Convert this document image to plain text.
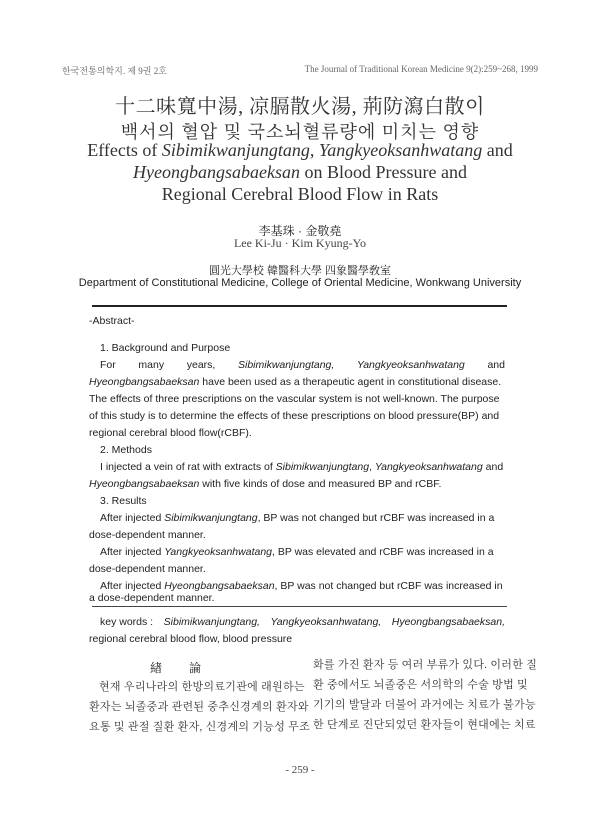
한국전통의학지. 제 9권 2호	The Journal of Traditional Korean Medicine 9(2):259~268, 1999
十二味寬中湯, 凉膈散火湯, 荊防瀉白散이
백서의 혈압 및 국소뇌혈류량에 미치는 영향
Effects of Sibimikwanjungtang, Yangkyeoksanhwatang and
Hyeongbangsabaeksan on Blood Pressure and
Regional Cerebral Blood Flow in Rats
李基珠 · 金敬堯
Lee Ki-Ju · Kim Kyung-Yo
圓光大學校 韓醫科大學 四象醫學敎室
Department of Constitutional Medicine, College of Oriental Medicine, Wonkwang University
-Abstract-
1. Background and Purpose
For many years, Sibimikwanjungtang, Yangkyeoksanhwatang and
Hyeongbangsabaeksan have been used as a therapeutic agent in constitutional disease.
The effects of three prescriptions on the vascular system is not well-known. The purpose
of this study is to determine the effects of these prescriptions on blood pressure(BP) and
regional cerebral blood flow(rCBF).
2. Methods
I injected a vein of rat with extracts of Sibimikwanjungtang, Yangkyeoksanhwatang and
Hyeongbangsabaeksan with five kinds of dose and measured BP and rCBF.
3. Results
After injected Sibimikwanjungtang, BP was not changed but rCBF was increased in a
dose-dependent manner.
After injected Yangkyeoksanhwatang, BP was elevated and rCBF was increased in a
dose-dependent manner.
After injected Hyeongbangsabaeksan, BP was not changed but rCBF was increased in
a dose-dependent manner.
key words : Sibimikwanjungtang, Yangkyeoksanhwatang, Hyeongbangsabaeksan,
regional cerebral blood flow, blood pressure
緖 論
현재 우리나라의 한방의료기관에 래원하는
환자는 뇌졸중과 관련된 중추신경계의 환자와
요통 및 관절 질환 환자, 신경계의 기능성 무조
화를 가진 환자 등 여러 부류가 있다. 이러한 질
환 중에서도 뇌졸중은 서의학의 수술 방법 및
기기의 발달과 더불어 과거에는 치료가 불가능
한 단계로 진단되었던 환자들이 현대에는 치료
- 259 -
